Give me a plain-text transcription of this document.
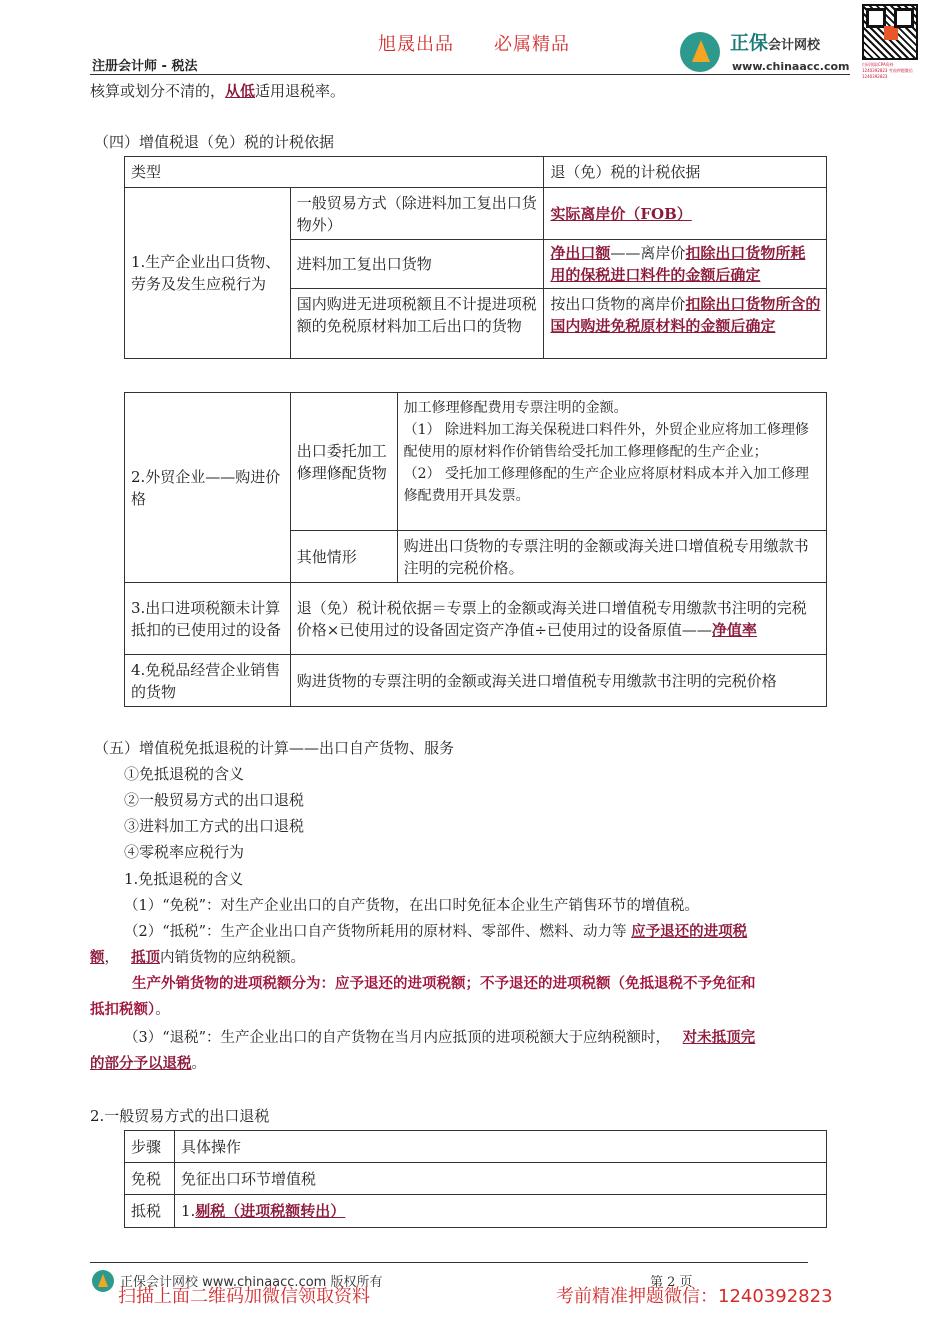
旭晟出品 必属精品
注册会计师 - 税法
正保会计网校
www.chinaacc.com	扫码领取CPA资料 1240392823 考前押题微信 1240392823
核算或划分不清的，从低适用退税率。
（四）增值税退（免）税的计税依据
类型		退（免）税的计税依据
1.生产企业出口货物、劳务及发生应税行为	一般贸易方式（除进料加工复出口货物外）	实际离岸价（FOB）
	进料加工复出口货物	净出口额——离岸价扣除出口货物所耗用的保税进口料件的金额后确定
	国内购进无进项税额且不计提进项税额的免税原材料加工后出口的货物	按出口货物的离岸价扣除出口货物所含的国内购进免税原材料的金额后确定
2.外贸企业——购进价格	出口委托加工修理修配货物	加工修理修配费用专票注明的金额。
（1） 除进料加工海关保税进口料件外，外贸企业应将加工修理修配使用的原材料作价销售给受托加工修理修配的生产企业；
（2） 受托加工修理修配的生产企业应将原材料成本并入加工修理修配费用开具发票。

	其他情形	购进出口货物的专票注明的金额或海关进口增值税专用缴款书注明的完税价格。
3.出口进项税额未计算抵扣的已使用过的设备	退（免）税计税依据＝专票上的金额或海关进口增值税专用缴款书注明的完税价格×已使用过的设备固定资产净值÷已使用过的设备原值——净值率	
4.免税品经营企业销售的货物	购进货物的专票注明的金额或海关进口增值税专用缴款书注明的完税价格	
（五）增值税免抵退税的计算——出口自产货物、服务
①免抵退税的含义
②一般贸易方式的出口退税
③进料加工方式的出口退税
④零税率应税行为
1.免抵退税的含义
（1）“免税”：对生产企业出口的自产货物，在出口时免征本企业生产销售环节的增值税。
（2）“抵税”：生产企业出口自产货物所耗用的原材料、零部件、燃料、动力等 应予退还的进项税
额， 抵顶内销货物的应纳税额。
生产外销货物的进项税额分为：应予退还的进项税额；不予退还的进项税额（免抵退税不予免征和
抵扣税额）。
（3）“退税”：生产企业出口的自产货物在当月内应抵顶的进项税额大于应纳税额时， 对未抵顶完
的部分予以退税。
2.一般贸易方式的出口退税
步骤	具体操作
免税	免征出口环节增值税
抵税	1.剔税（进项税额转出）
正保会计网校 www.chinaacc.com 版权所有	第 2 页
扫描上面二维码加微信领取资料	考前精准押题微信：1240392823
